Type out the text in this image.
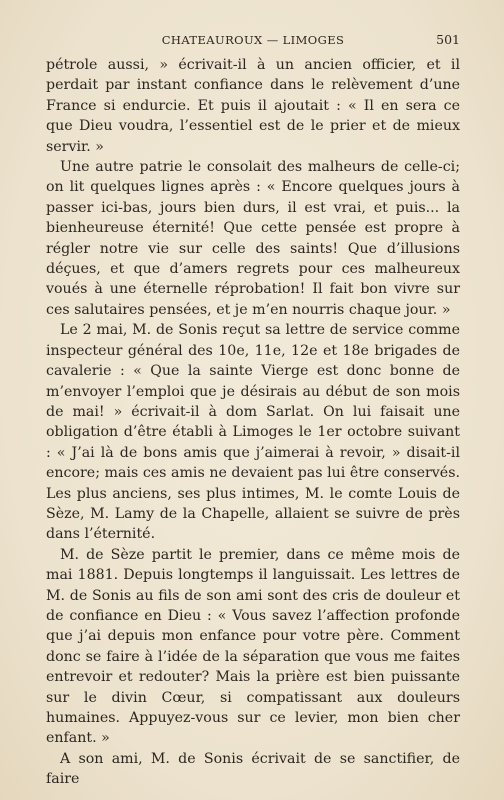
CHATEAUROUX — LIMOGES	501

pétrole aussi, » écrivait-il à un ancien officier, et il perdait par instant confiance dans le relèvement d’une France si endurcie. Et puis il ajoutait : « Il en sera ce que Dieu voudra, l’essentiel est de le prier et de mieux servir. »

Une autre patrie le consolait des malheurs de celle-ci; on lit quelques lignes après : « Encore quelques jours à passer ici-bas, jours bien durs, il est vrai, et puis... la bienheureuse éternité! Que cette pensée est propre à régler notre vie sur celle des saints! Que d’illusions déçues, et que d’amers regrets pour ces malheureux voués à une éternelle réprobation! Il fait bon vivre sur ces salutaires pensées, et je m’en nourris chaque jour. »

Le 2 mai, M. de Sonis reçut sa lettre de service comme inspecteur général des 10e, 11e, 12e et 18e brigades de cavalerie : « Que la sainte Vierge est donc bonne de m’envoyer l’emploi que je désirais au début de son mois de mai! » écrivait-il à dom Sarlat. On lui faisait une obligation d’être établi à Limoges le 1er octobre suivant : « J’ai là de bons amis que j’aimerai à revoir, » disait-il encore; mais ces amis ne devaient pas lui être conservés. Les plus anciens, ses plus intimes, M. le comte Louis de Sèze, M. Lamy de la Chapelle, allaient se suivre de près dans l’éternité.

M. de Sèze partit le premier, dans ce même mois de mai 1881. Depuis longtemps il languissait. Les lettres de M. de Sonis au fils de son ami sont des cris de douleur et de confiance en Dieu : « Vous savez l’affection profonde que j’ai depuis mon enfance pour votre père. Comment donc se faire à l’idée de la séparation que vous me faites entrevoir et redouter? Mais la prière est bien puissante sur le divin Cœur, si compatissant aux douleurs humaines. Appuyez-vous sur ce levier, mon bien cher enfant. »

A son ami, M. de Sonis écrivait de se sanctifier, de faire
